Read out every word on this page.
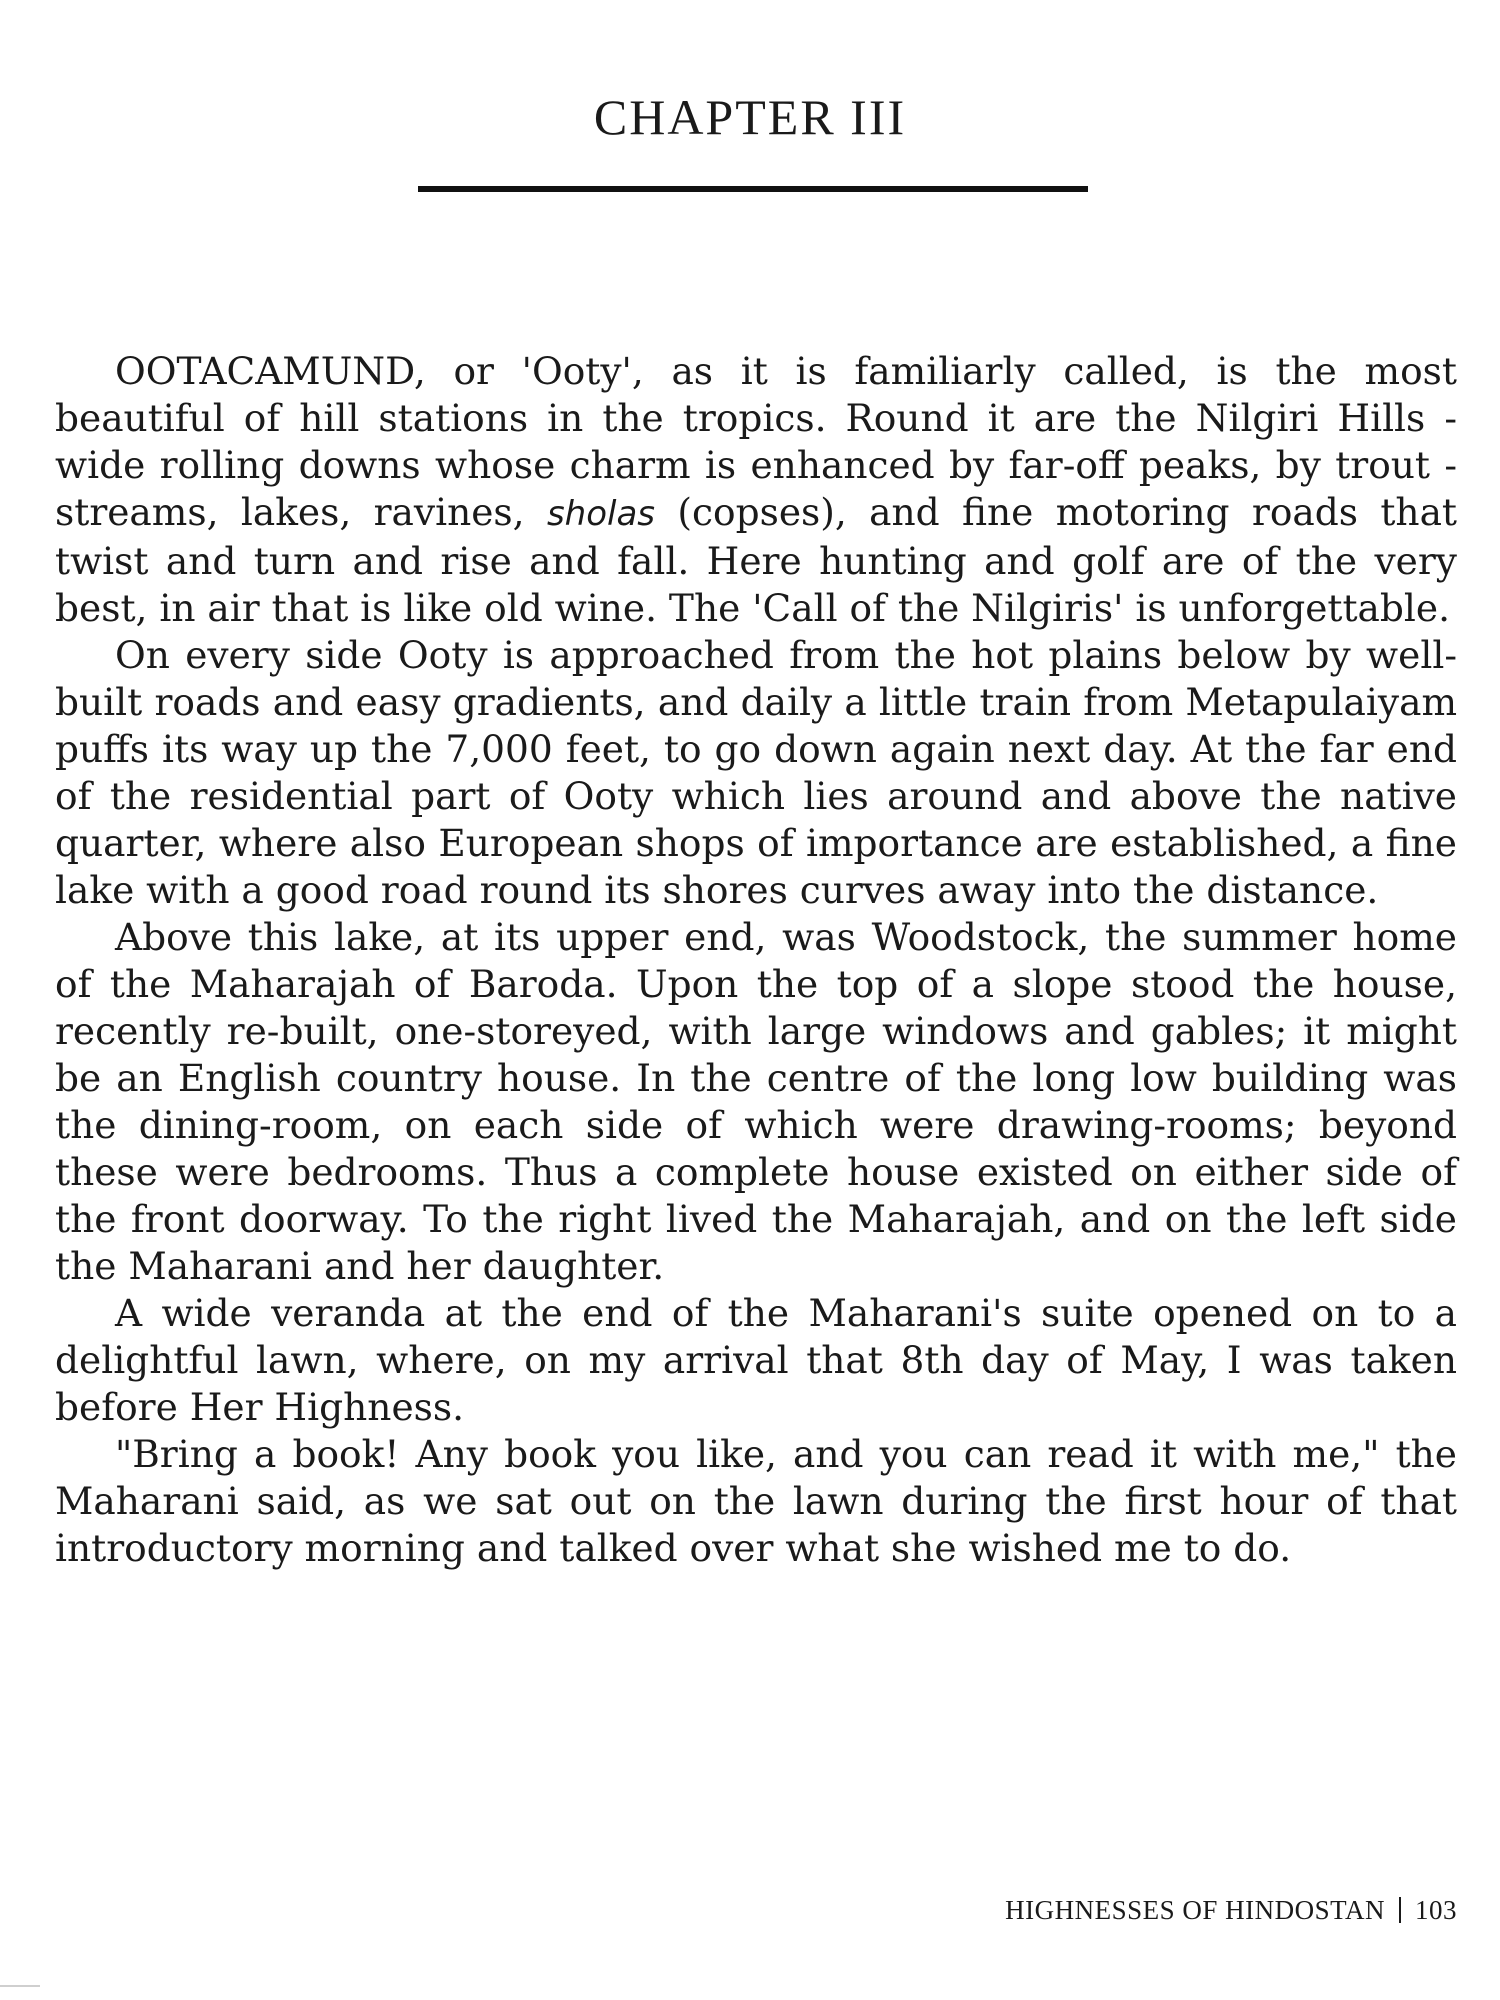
CHAPTER III

OOTACAMUND, or 'Ooty', as it is familiarly called, is the most beautiful of hill stations in the tropics. Round it are the Nilgiri Hills - wide rolling downs whose charm is enhanced by far-off peaks, by trout - streams, lakes, ravines, sholas (copses), and fine motoring roads that twist and turn and rise and fall. Here hunting and golf are of the very best, in air that is like old wine. The 'Call of the Nilgiris' is unforgettable.

On every side Ooty is approached from the hot plains below by well-built roads and easy gradients, and daily a little train from Metapulaiyam puffs its way up the 7,000 feet, to go down again next day. At the far end of the residential part of Ooty which lies around and above the native quarter, where also European shops of importance are established, a fine lake with a good road round its shores curves away into the distance.

Above this lake, at its upper end, was Woodstock, the summer home of the Maharajah of Baroda. Upon the top of a slope stood the house, recently re-built, one-storeyed, with large windows and gables; it might be an English country house. In the centre of the long low building was the dining-room, on each side of which were drawing-rooms; beyond these were bedrooms. Thus a complete house existed on either side of the front doorway. To the right lived the Maharajah, and on the left side the Maharani and her daughter.

A wide veranda at the end of the Maharani's suite opened on to a delightful lawn, where, on my arrival that 8th day of May, I was taken before Her Highness.

"Bring a book! Any book you like, and you can read it with me," the Maharani said, as we sat out on the lawn during the first hour of that introductory morning and talked over what she wished me to do.

HIGHNESSES OF HINDOSTAN 103
